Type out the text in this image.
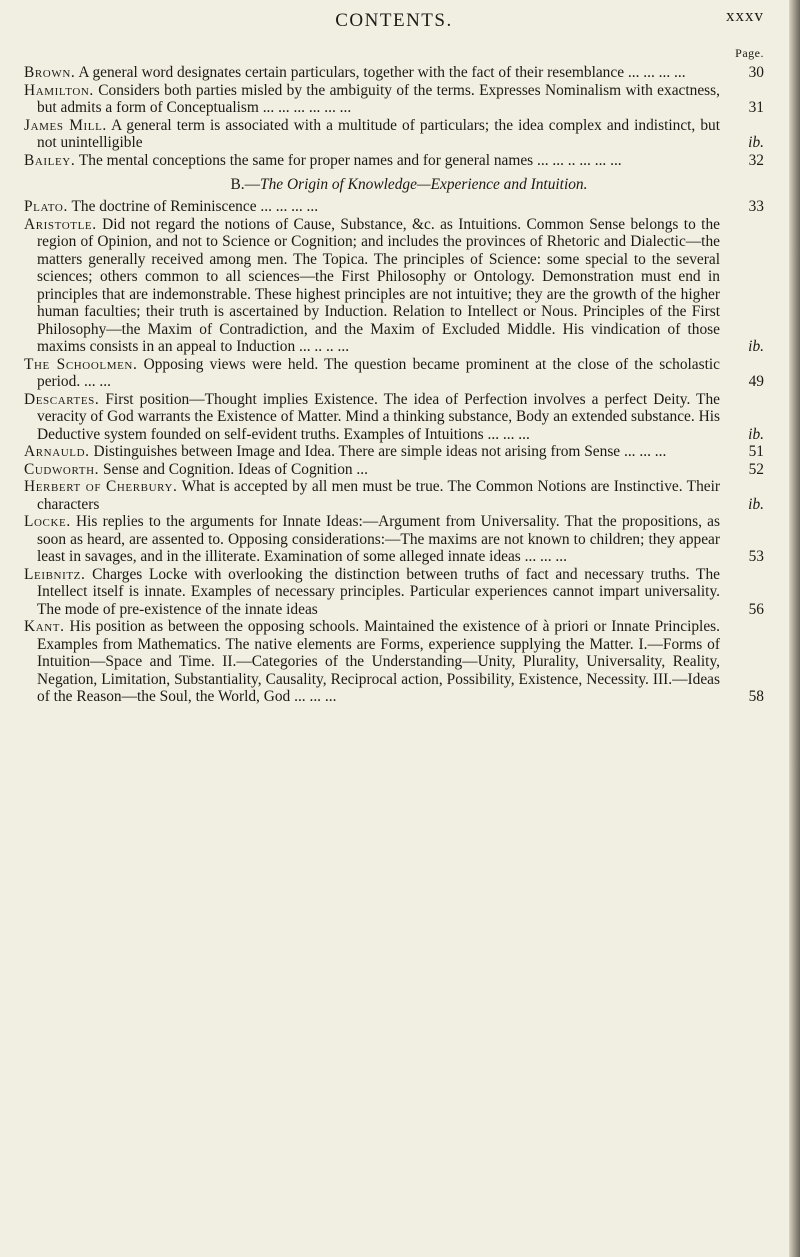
CONTENTS.	xxxv
Page.
Brown. A general word designates certain particulars, together with the fact of their resemblance ... ... ... ...	30
Hamilton. Considers both parties misled by the ambiguity of the terms. Expresses Nominalism with exactness, but admits a form of Conceptualism ... ... ... ... ... ...	31
James Mill. A general term is associated with a multitude of particulars; the idea complex and indistinct, but not unintelligible	ib.
Bailey. The mental conceptions the same for proper names and for general names ... ... .. ... ... ...	32
B.—The Origin of Knowledge—Experience and Intuition.
Plato. The doctrine of Reminiscence ... ... ... ...	33
Aristotle. Did not regard the notions of Cause, Substance, &c. as Intuitions. Common Sense belongs to the region of Opinion, and not to Science or Cognition; and includes the provinces of Rhetoric and Dialectic—the matters generally received among men. The Topica. The principles of Science: some special to the several sciences; others common to all sciences—the First Philosophy or Ontology. Demonstration must end in principles that are indemonstrable. These highest principles are not intuitive; they are the growth of the higher human faculties; their truth is ascertained by Induction. Relation to Intellect or Nous. Principles of the First Philosophy—the Maxim of Contradiction, and the Maxim of Excluded Middle. His vindication of those maxims consists in an appeal to Induction ... .. .. ...	ib.
The Schoolmen. Opposing views were held. The question became prominent at the close of the scholastic period. ... ...	49
Descartes. First position—Thought implies Existence. The idea of Perfection involves a perfect Deity. The veracity of God warrants the Existence of Matter. Mind a thinking substance, Body an extended substance. His Deductive system founded on self-evident truths. Examples of Intuitions ... ... ...	ib.
Arnauld. Distinguishes between Image and Idea. There are simple ideas not arising from Sense ... ... ...	51
Cudworth. Sense and Cognition. Ideas of Cognition ...	52
Herbert of Cherbury. What is accepted by all men must be true. The Common Notions are Instinctive. Their characters	ib.
Locke. His replies to the arguments for Innate Ideas:—Argument from Universality. That the propositions, as soon as heard, are assented to. Opposing considerations:—The maxims are not known to children; they appear least in savages, and in the illiterate. Examination of some alleged innate ideas ... ... ...	53
Leibnitz. Charges Locke with overlooking the distinction between truths of fact and necessary truths. The Intellect itself is innate. Examples of necessary principles. Particular experiences cannot impart universality. The mode of pre-existence of the innate ideas	56
Kant. His position as between the opposing schools. Maintained the existence of à priori or Innate Principles. Examples from Mathematics. The native elements are Forms, experience supplying the Matter. I.—Forms of Intuition—Space and Time. II.—Categories of the Understanding—Unity, Plurality, Universality, Reality, Negation, Limitation, Substantiality, Causality, Reciprocal action, Possibility, Existence, Necessity. III.—Ideas of the Reason—the Soul, the World, God ... ... ...	58
